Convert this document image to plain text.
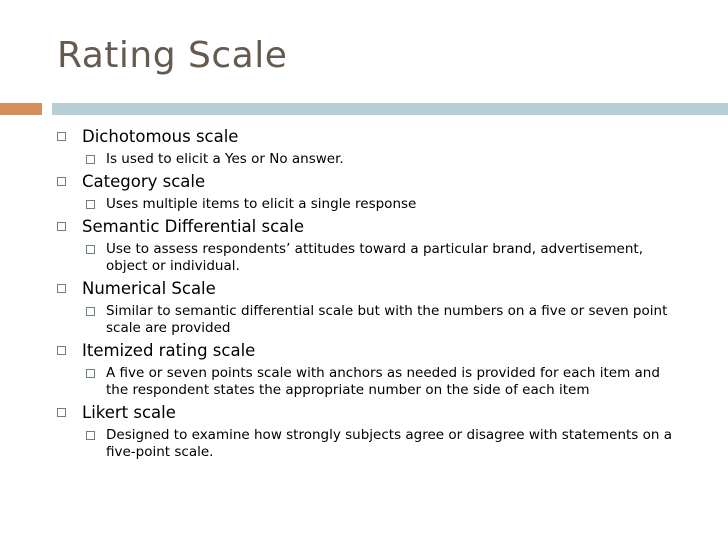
Rating Scale
Dichotomous scale
Is used to elicit a Yes or No answer.
Category scale
Uses multiple items to elicit a single response
Semantic Differential scale
Use to assess respondents’ attitudes toward a particular brand, advertisement, object or individual.
Numerical Scale
Similar to semantic differential scale but with the numbers on a five or seven point scale are provided
Itemized rating scale
A five or seven points scale with anchors as needed is provided for each item and the respondent states the appropriate number on the side of each item
Likert scale
Designed to examine how strongly subjects agree or disagree with statements on a five-point scale.
